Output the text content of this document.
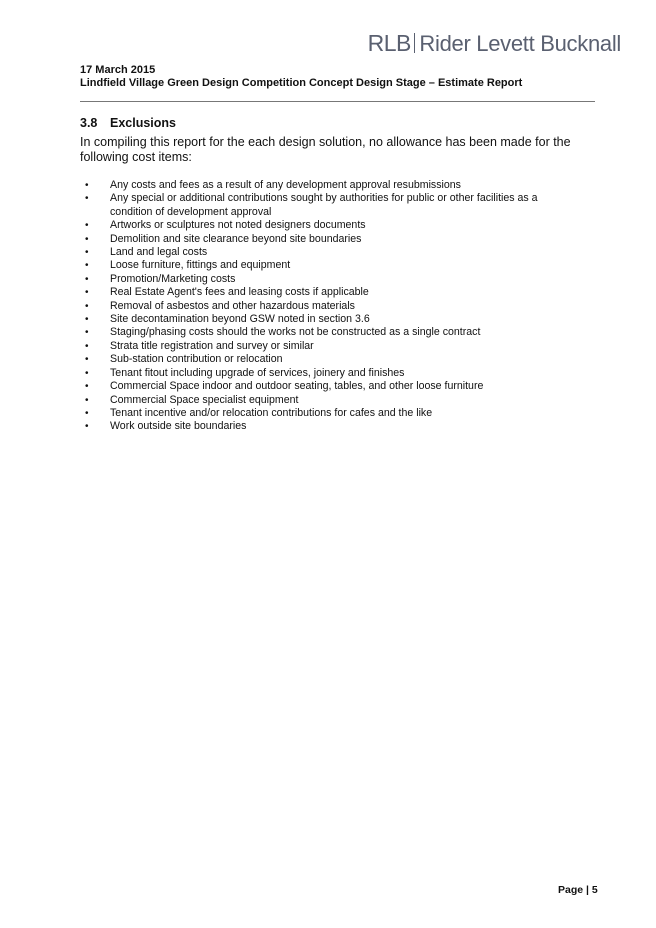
RLB Rider Levett Bucknall
17 March 2015
Lindfield Village Green Design Competition Concept Design Stage – Estimate Report
3.8	Exclusions
In compiling this report for the each design solution, no allowance has been made for the following cost items:
•	Any costs and fees as a result of any development approval resubmissions
•	Any special or additional contributions sought by authorities for public or other facilities as a condition of development approval
•	Artworks or sculptures not noted designers documents
•	Demolition and site clearance beyond site boundaries
•	Land and legal costs
•	Loose furniture, fittings and equipment
•	Promotion/Marketing costs
•	Real Estate Agent's fees and leasing costs if applicable
•	Removal of asbestos and other hazardous materials
•	Site decontamination beyond GSW noted in section 3.6
•	Staging/phasing costs should the works not be constructed as a single contract
•	Strata title registration and survey or similar
•	Sub-station contribution or relocation
•	Tenant fitout including upgrade of services, joinery and finishes
•	Commercial Space indoor and outdoor seating, tables, and other loose furniture
•	Commercial Space specialist equipment
•	Tenant incentive and/or relocation contributions for cafes and the like
•	Work outside site boundaries
Page | 5
